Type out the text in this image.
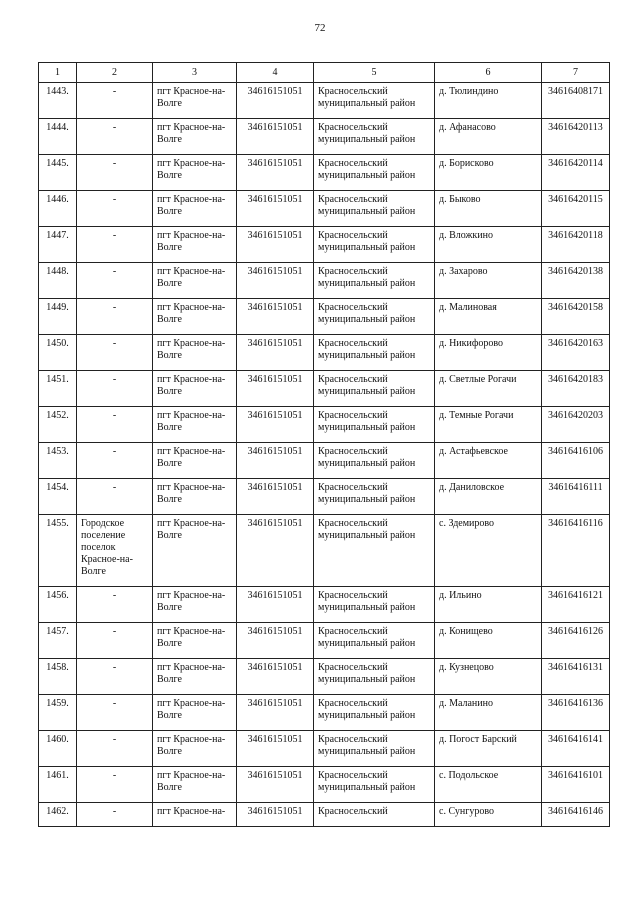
72
1	2	3	4	5	6	7
1443.	-	пгт Красное-на-Волге	34616151051	Красносельский муниципальный район	д. Тюлиндино	34616408171
1444.	-	пгт Красное-на-Волге	34616151051	Красносельский муниципальный район	д. Афанасово	34616420113
1445.	-	пгт Красное-на-Волге	34616151051	Красносельский муниципальный район	д. Борисково	34616420114
1446.	-	пгт Красное-на-Волге	34616151051	Красносельский муниципальный район	д. Быково	34616420115
1447.	-	пгт Красное-на-Волге	34616151051	Красносельский муниципальный район	д. Вложкино	34616420118
1448.	-	пгт Красное-на-Волге	34616151051	Красносельский муниципальный район	д. Захарово	34616420138
1449.	-	пгт Красное-на-Волге	34616151051	Красносельский муниципальный район	д. Малиновая	34616420158
1450.	-	пгт Красное-на-Волге	34616151051	Красносельский муниципальный район	д. Никифорово	34616420163
1451.	-	пгт Красное-на-Волге	34616151051	Красносельский муниципальный район	д. Светлые Рогачи	34616420183
1452.	-	пгт Красное-на-Волге	34616151051	Красносельский муниципальный район	д. Темные Рогачи	34616420203
1453.	-	пгт Красное-на-Волге	34616151051	Красносельский муниципальный район	д. Астафьевское	34616416106
1454.	-	пгт Красное-на-Волге	34616151051	Красносельский муниципальный район	д. Даниловское	34616416111
1455.	Городское поселение поселок Красное-на-Волге	пгт Красное-на-Волге	34616151051	Красносельский муниципальный район	с. Здемирово	34616416116
1456.	-	пгт Красное-на-Волге	34616151051	Красносельский муниципальный район	д. Ильино	34616416121
1457.	-	пгт Красное-на-Волге	34616151051	Красносельский муниципальный район	д. Конищево	34616416126
1458.	-	пгт Красное-на-Волге	34616151051	Красносельский муниципальный район	д. Кузнецово	34616416131
1459.	-	пгт Красное-на-Волге	34616151051	Красносельский муниципальный район	д. Маланино	34616416136
1460.	-	пгт Красное-на-Волге	34616151051	Красносельский муниципальный район	д. Погост Барский	34616416141
1461.	-	пгт Красное-на-Волге	34616151051	Красносельский муниципальный район	с. Подольское	34616416101
1462.	-	пгт Красное-на-	34616151051	Красносельский	с. Сунгурово	34616416146
